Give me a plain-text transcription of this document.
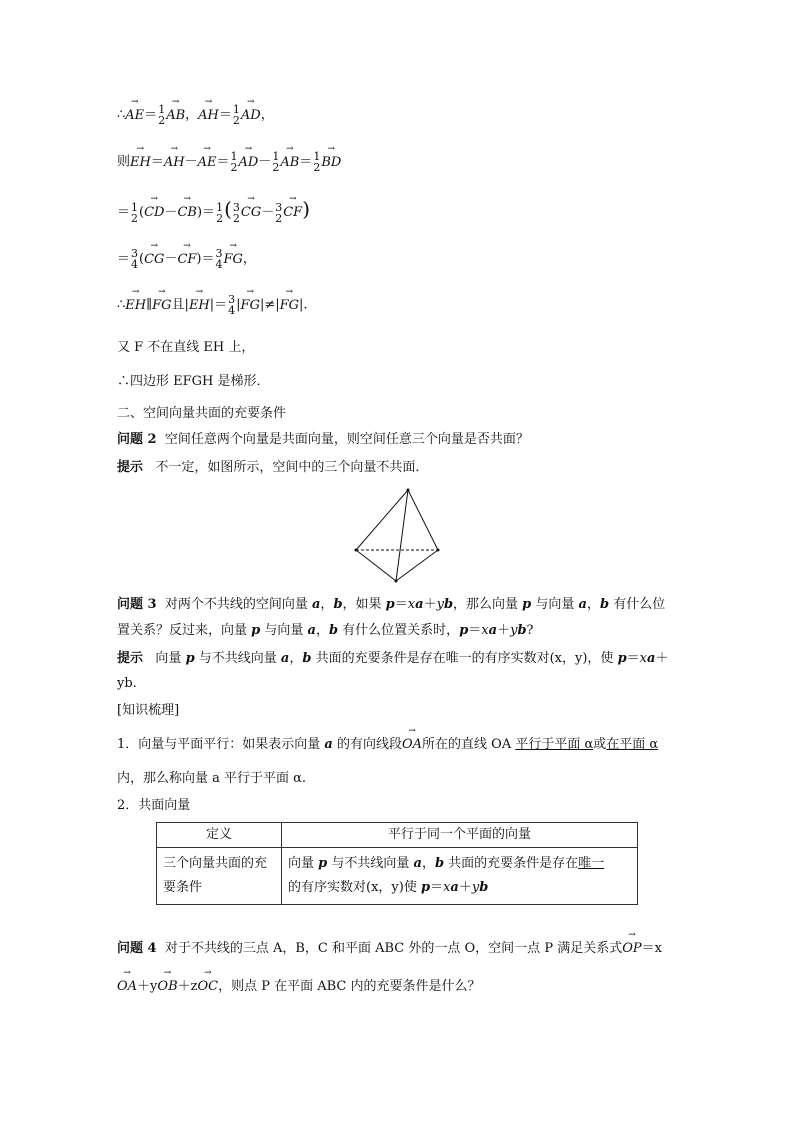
∴→ AE＝ 1
2 → AB，→ AH＝ 1
2 → AD，
则→ EH＝→ AH－→ AE＝ 1
2 → AD－ 1
2 → AB＝ 1
2 → BD
＝ 1
2 (→ CD－→ CB)＝ 1
2 ( 3
2 → CG－ 3
2 → CF)
＝ 3
4 (→ CG－→ CF)＝ 3
4 → FG，
∴→ EH∥→ FG且|→ EH|＝ 3
4 |→ FG|≠|→ FG|.
又 F 不在直线 EH 上，
∴四边形 EFGH 是梯形．
二、空间向量共面的充要条件
问题 2 空间任意两个向量是共面向量，则空间任意三个向量是否共面？
提示 不一定，如图所示，空间中的三个向量不共面．
问题 3 对两个不共线的空间向量 a，b，如果 p＝xa＋yb，那么向量 p 与向量 a，b 有什么位
置关系？反过来，向量 p 与向量 a，b 有什么位置关系时，p＝xa＋yb?
提示 向量 p 与不共线向量 a，b 共面的充要条件是存在唯一的有序实数对(x，y)，使 p＝xa＋
yb.
[知识梳理]
1．向量与平面平行：如果表示向量 a 的有向线段→ OA所在的直线 OA 平行于平面 α或在平面 α
内，那么称向量 a 平行于平面 α.
2．共面向量
定义	平行于同一个平面的向量
三个向量共面的充要条件	向量 p 与不共线向量 a，b 共面的充要条件是存在唯一
的有序实数对(x，y)使 p＝xa＋yb
问题 4 对于不共线的三点 A，B，C 和平面 ABC 外的一点 O，空间一点 P 满足关系式→ OP＝x
→ OA＋y→ OB＋z→ OC，则点 P 在平面 ABC 内的充要条件是什么？
